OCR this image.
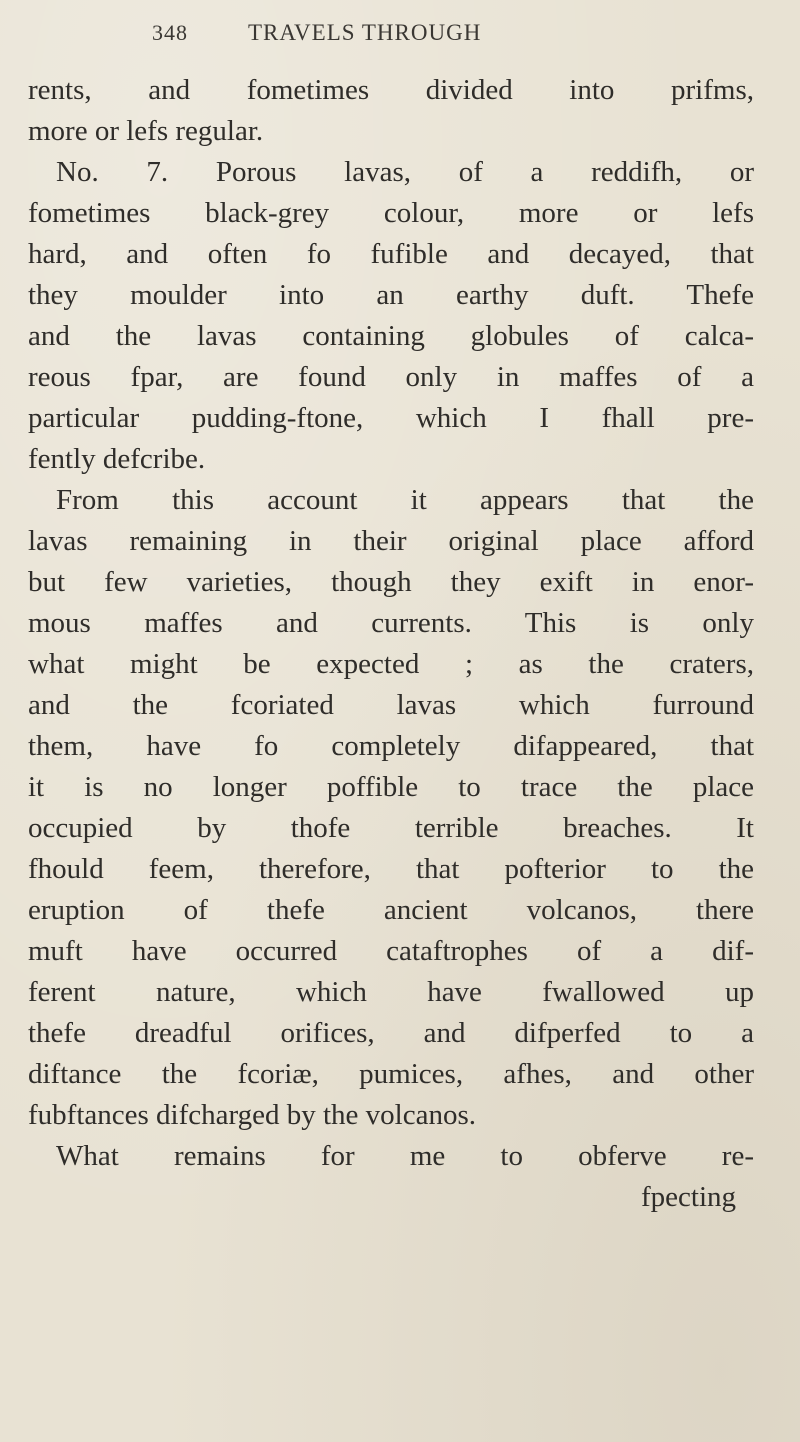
348	TRAVELS THROUGH
rents, and fometimes divided into prifms,
more or lefs regular.
No. 7. Porous lavas, of a reddifh, or
fometimes black-grey colour, more or lefs
hard, and often fo fufible and decayed, that
they moulder into an earthy duft. Thefe
and the lavas containing globules of calca-
reous fpar, are found only in maffes of a
particular pudding-ftone, which I fhall pre-
fently defcribe.
From this account it appears that the
lavas remaining in their original place afford
but few varieties, though they exift in enor-
mous maffes and currents. This is only
what might be expected ; as the craters,
and the fcoriated lavas which furround
them, have fo completely difappeared, that
it is no longer poffible to trace the place
occupied by thofe terrible breaches. It
fhould feem, therefore, that pofterior to the
eruption of thefe ancient volcanos, there
muft have occurred cataftrophes of a dif-
ferent nature, which have fwallowed up
thefe dreadful orifices, and difperfed to a
diftance the fcoriæ, pumices, afhes, and other
fubftances difcharged by the volcanos.
What remains for me to obferve re-
fpecting
